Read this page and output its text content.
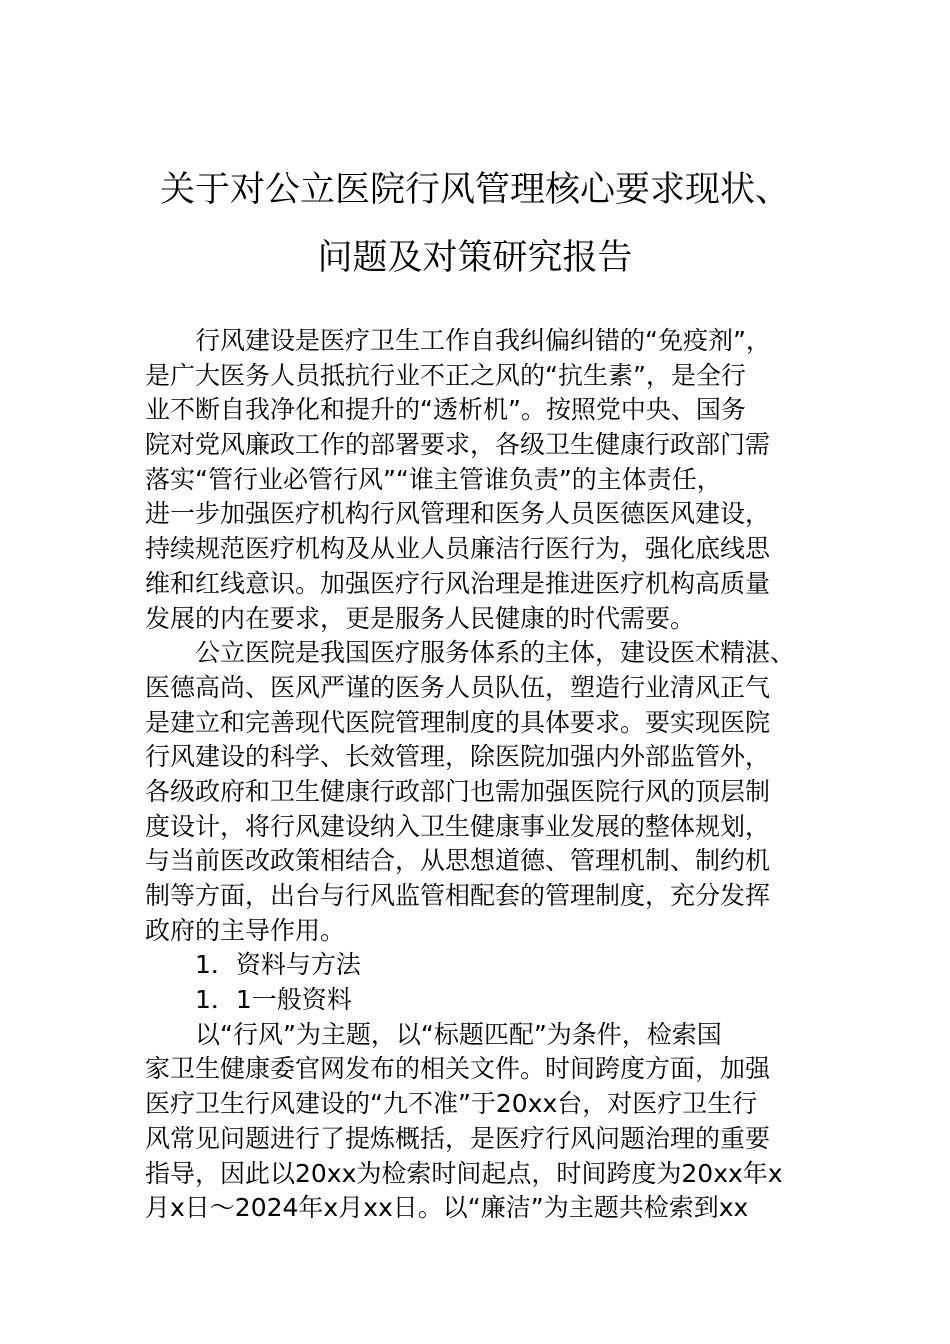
关于对公立医院行风管理核心要求现状、
问题及对策研究报告
行风建设是医疗卫生工作自我纠偏纠错的“免疫剂”，
是广大医务人员抵抗行业不正之风的“抗生素”，是全行
业不断自我净化和提升的“透析机”。按照党中央、国务
院对党风廉政工作的部署要求，各级卫生健康行政部门需
落实“管行业必管行风”“谁主管谁负责”的主体责任，
进一步加强医疗机构行风管理和医务人员医德医风建设，
持续规范医疗机构及从业人员廉洁行医行为，强化底线思
维和红线意识。加强医疗行风治理是推进医疗机构高质量
发展的内在要求，更是服务人民健康的时代需要。
公立医院是我国医疗服务体系的主体，建设医术精湛、
医德高尚、医风严谨的医务人员队伍，塑造行业清风正气
是建立和完善现代医院管理制度的具体要求。要实现医院
行风建设的科学、长效管理，除医院加强内外部监管外，
各级政府和卫生健康行政部门也需加强医院行风的顶层制
度设计，将行风建设纳入卫生健康事业发展的整体规划，
与当前医改政策相结合，从思想道德、管理机制、制约机
制等方面，出台与行风监管相配套的管理制度，充分发挥
政府的主导作用。
1．资料与方法
1．1一般资料
以“行风”为主题，以“标题匹配”为条件，检索国
家卫生健康委官网发布的相关文件。时间跨度方面，加强
医疗卫生行风建设的“九不准”于20xx台，对医疗卫生行
风常见问题进行了提炼概括，是医疗行风问题治理的重要
指导，因此以20xx为检索时间起点，时间跨度为20xx年x
月x日～2024年x月xx日。以“廉洁”为主题共检索到xx
